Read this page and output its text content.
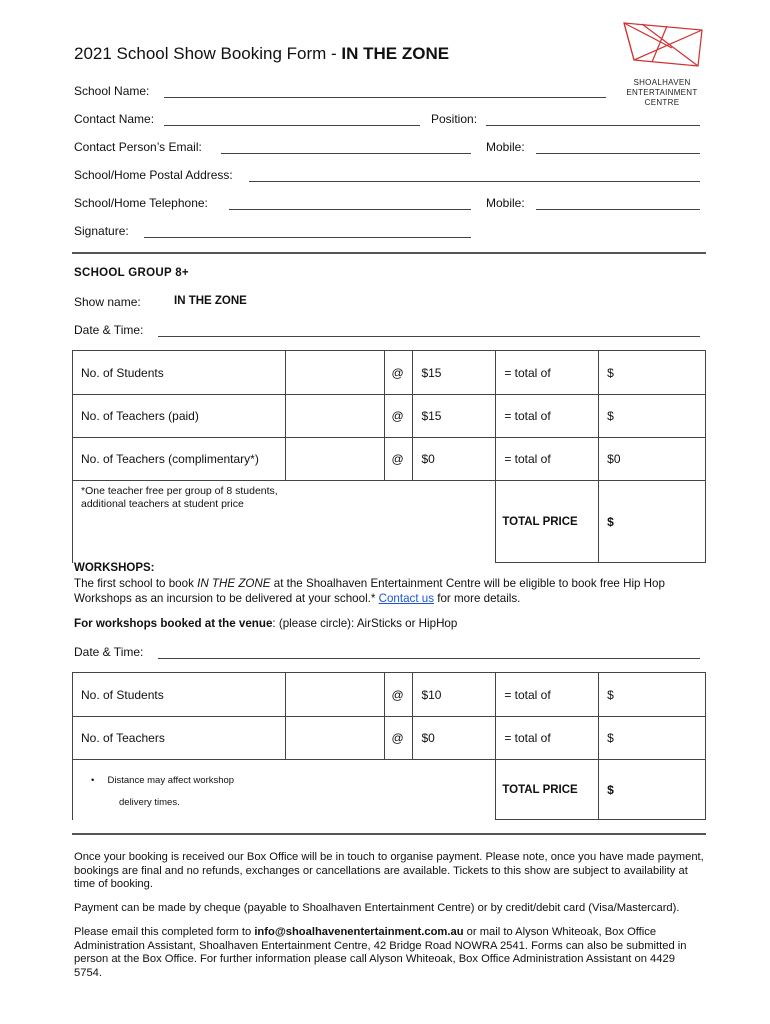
2021 School Show Booking Form - IN THE ZONE
SHOALHAVEN
ENTERTAINMENT
CENTRE
School Name:
Contact Name:	Position:
Contact Person’s Email:	Mobile:
School/Home Postal Address:
School/Home Telephone:	Mobile:
Signature:
SCHOOL GROUP 8+
Show name:	IN THE ZONE
Date & Time:
No. of Students		@	$15	= total of	$
No. of Teachers (paid)		@	$15	= total of	$
No. of Teachers (complimentary*)		@	$0	= total of	$0
*One teacher free per group of 8 students, additional teachers at student price				TOTAL PRICE	$
WORKSHOPS:
The first school to book IN THE ZONE at the Shoalhaven Entertainment Centre will be eligible to book free Hip Hop Workshops as an incursion to be delivered at your school.* Contact us for more details.
For workshops booked at the venue: (please circle): AirSticks or HipHop
Date & Time:
No. of Students		@	$10	= total of	$
No. of Teachers		@	$0	= total of	$

•     Distance may affect workshop
delivery times.				TOTAL PRICE	$
Once your booking is received our Box Office will be in touch to organise payment. Please note, once you have made payment, bookings are final and no refunds, exchanges or cancellations are available. Tickets to this show are subject to availability at time of booking.
Payment can be made by cheque (payable to Shoalhaven Entertainment Centre) or by credit/debit card (Visa/Mastercard).
Please email this completed form to info@shoalhavenentertainment.com.au or mail to Alyson Whiteoak, Box Office Administration Assistant, Shoalhaven Entertainment Centre, 42 Bridge Road NOWRA 2541. Forms can also be submitted in person at the Box Office. For further information please call Alyson Whiteoak, Box Office Administration Assistant on 4429 5754.
